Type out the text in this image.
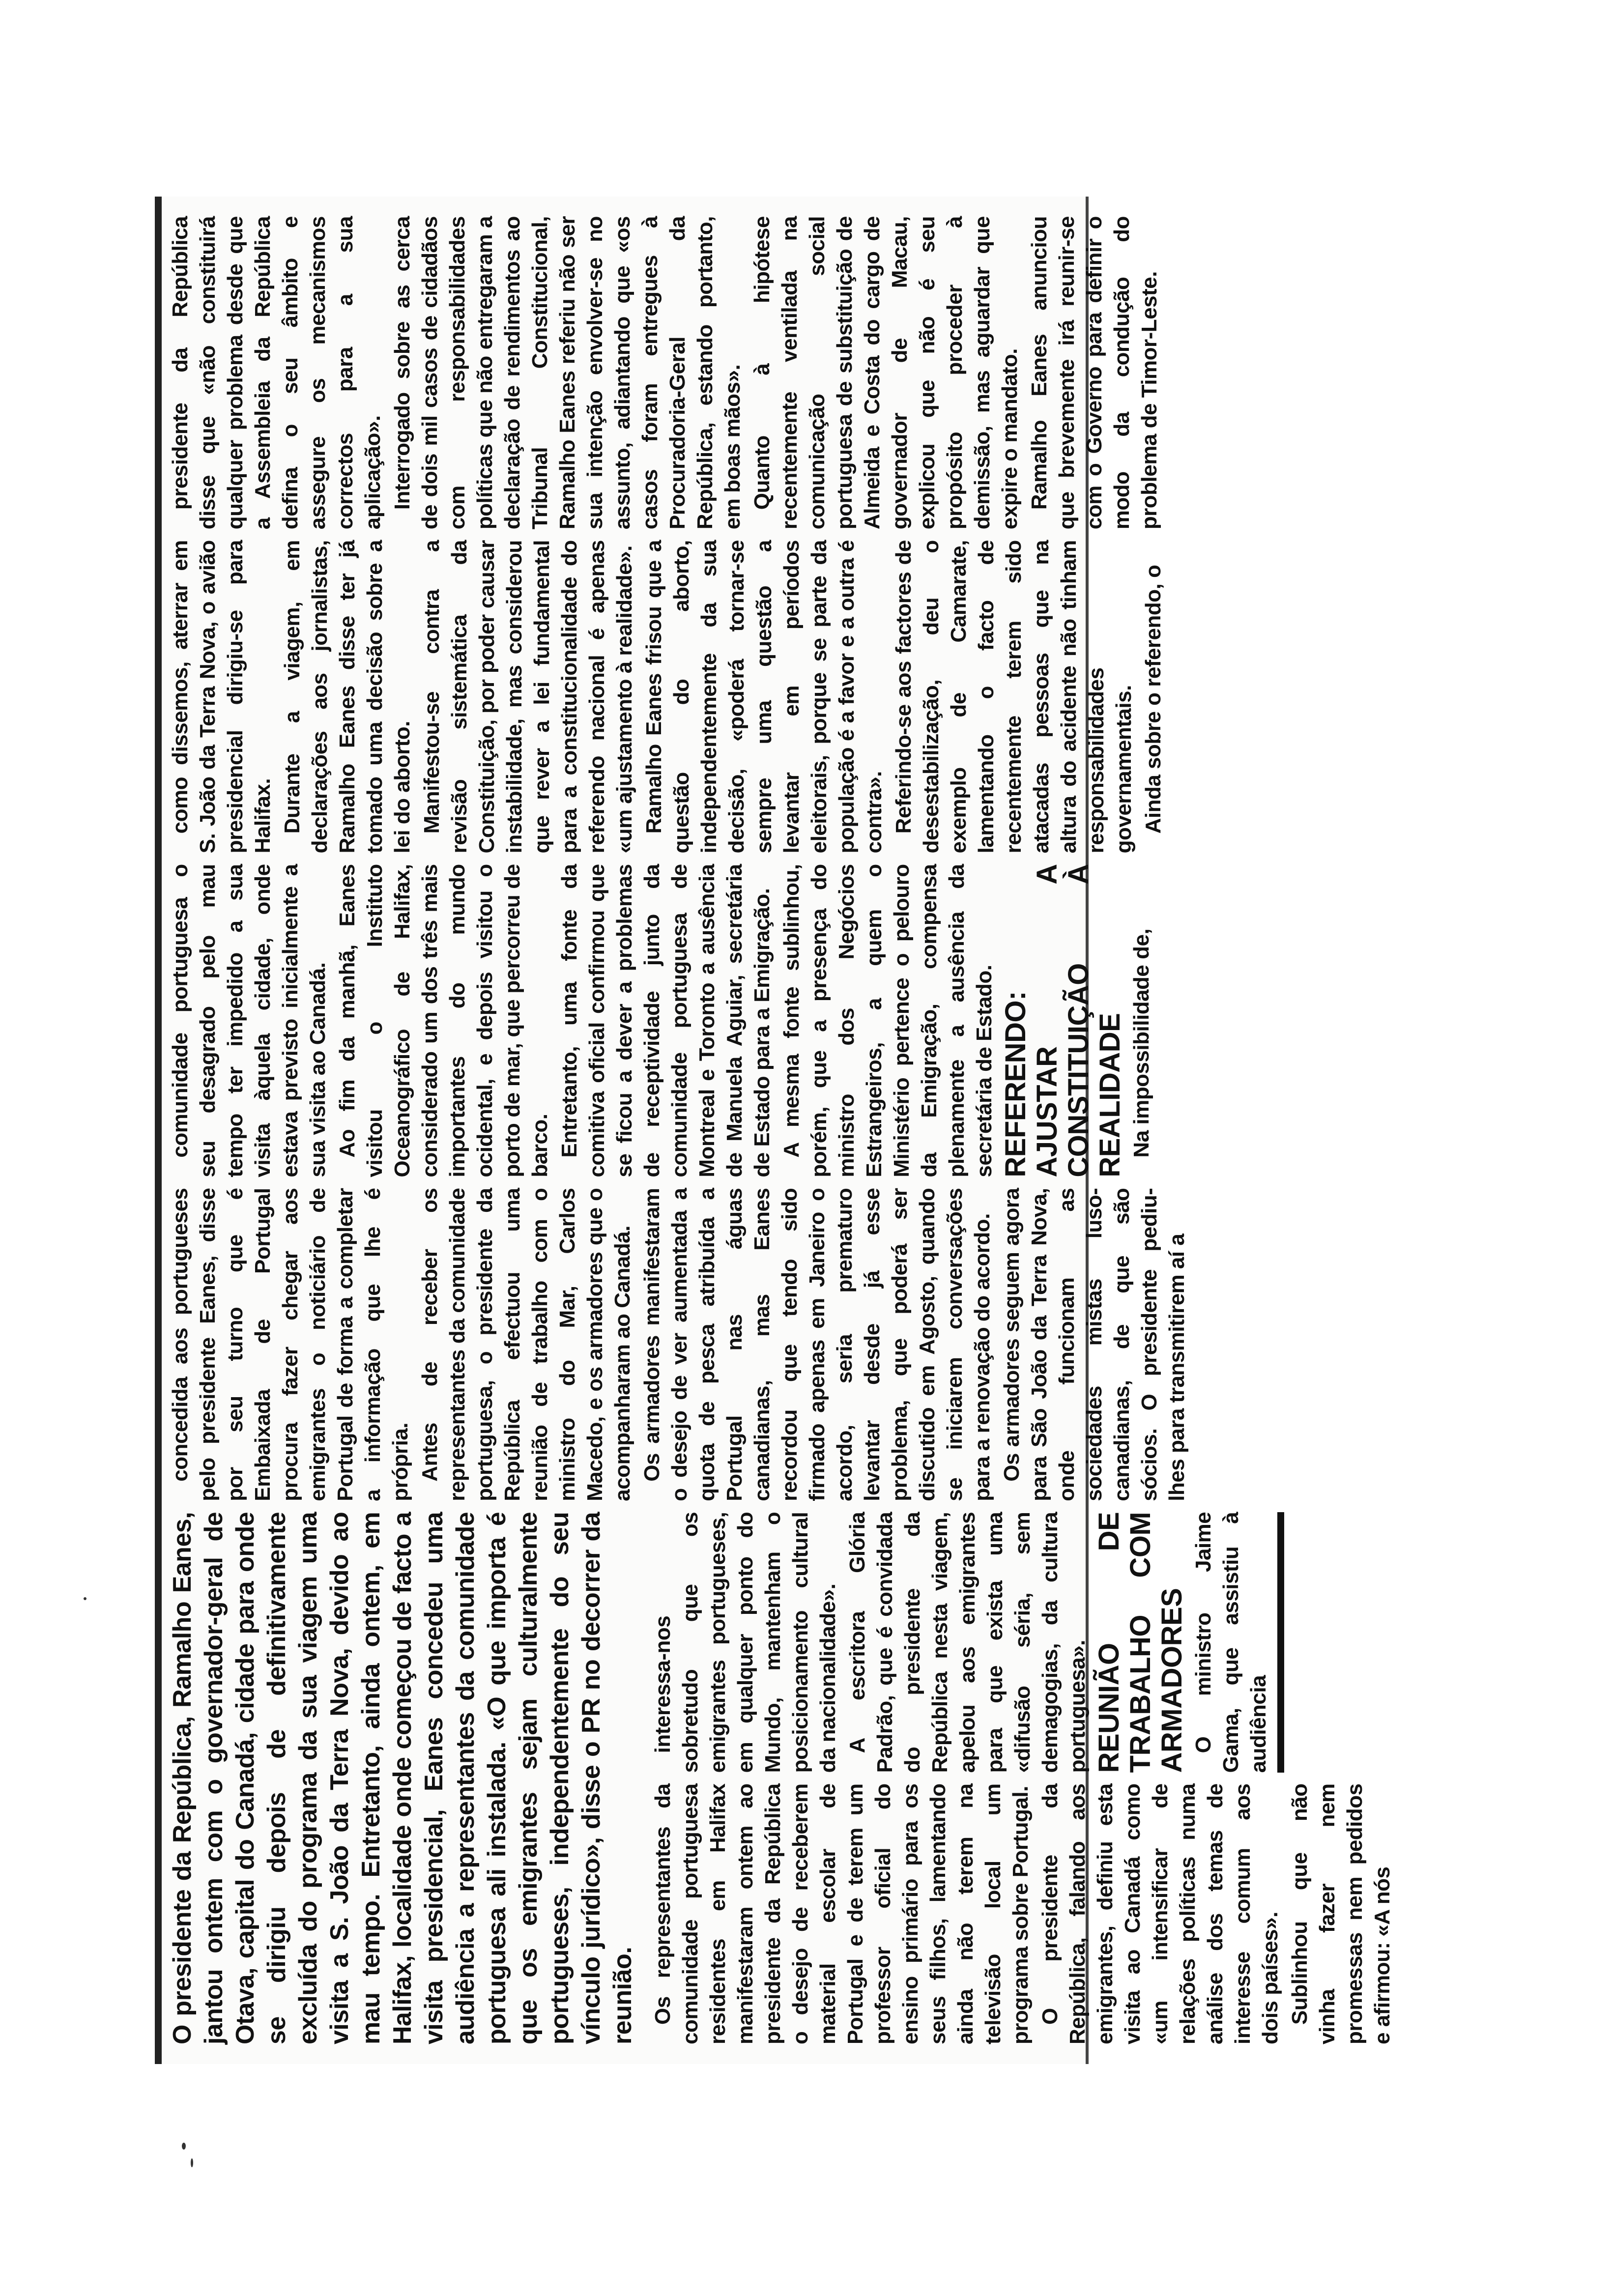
O presidente da República, Ramalho Eanes, jantou ontem com o governador-geral de Otava, capital do Canadá, cidade para onde se dirigiu depois de definitivamente excluída do programa da sua viagem uma visita a S. João da Terra Nova, devido ao mau tempo. Entretanto, ainda ontem, em Halifax, localidade onde começou de facto a visita presidencial, Eanes concedeu uma audiência a representantes da comunidade portuguesa ali instalada. «O que importa é que os emigrantes sejam culturalmente portugueses, independentemente do seu vínculo jurídico», disse o PR no decorrer da reunião. Os representantes da comunidade portuguesa residentes em Halifax manifestaram ontem ao presidente da República o desejo de receberem material escolar de Portugal e de terem um professor oficial do ensino primário para os seus filhos, lamentando ainda não terem na televisão local um programa sobre Portugal. O presidente da República, falando aos emigrantes, definiu esta visita ao Canadá como «um intensificar de relações políticas numa análise dos temas de interesse comum aos dois países». Sublinhou que não vinha fazer nem promessas nem pedidos e afirmou: «A nós

interessa-nos sobretudo que os emigrantes portugueses, em qualquer ponto do Mundo, mantenham o posicionamento cultural da nacionalidade». A escritora Glória Padrão, que é convidada do presidente da República nesta viagem, apelou aos emigrantes para que exista uma «difusão séria, sem demagogias, da cultura portuguesa». REUNIÃO DE TRABALHO COM ARMADORES O ministro Jaime Gama, que assistiu à audiência

concedida aos portugueses pelo presidente Eanes, disse por seu turno que é Embaixada de Portugal procura fazer chegar aos emigrantes o noticiário de Portugal de forma a completar a informação que lhe é própria. Antes de receber os representantes da comunidade portuguesa, o presidente da República efectuou uma reunião de trabalho com o ministro do Mar, Carlos Macedo, e os armadores que o acompanharam ao Canadá. Os armadores manifestaram o desejo de ver aumentada a quota de pesca atribuída a Portugal nas águas canadianas, mas Eanes recordou que tendo sido firmado apenas em Janeiro o acordo, seria prematuro levantar desde já esse problema, que poderá ser discutido em Agosto, quando se iniciarem conversações para a renovação do acordo. Os armadores seguem agora para São João da Terra Nova, onde funcionam as sociedades mistas luso-canadianas, de que são sócios. O presidente pediu-lhes para transmitirem aí a

comunidade portuguesa o seu desagrado pelo mau tempo ter impedido a sua visita àquela cidade, onde estava previsto inicialmente a sua visita ao Canadá. Ao fim da manhã, Eanes visitou o Instituto Oceanográfico de Halifax, considerado um dos três mais importantes do mundo ocidental, e depois visitou o porto de mar, que percorreu de barco. Entretanto, uma fonte da comitiva oficial confirmou que se ficou a dever a problemas de receptividade junto da comunidade portuguesa de Montreal e Toronto a ausência de Manuela Aguiar, secretária de Estado para a Emigração. A mesma fonte sublinhou, porém, que a presença do ministro dos Negócios Estrangeiros, a quem o Ministério pertence o pelouro da Emigração, compensa plenamente a ausência da secretária de Estado. REFERENDO: AJUSTAR A CONSTITUIÇÃO À REALIDADE Na impossibilidade de,

como dissemos, aterrar em S. João da Terra Nova, o avião presidencial dirigiu-se para Halifax. Durante a viagem, em declarações aos jornalistas, Ramalho Eanes disse ter já tomado uma decisão sobre a lei do aborto. Manifestou-se contra a revisão sistemática da Constituição, por poder causar instabilidade, mas considerou que rever a lei fundamental para a constitucionalidade do referendo nacional é apenas «um ajustamento à realidade». Ramalho Eanes frisou que a questão do aborto, independentemente da sua decisão, «poderá tornar-se sempre uma questão a levantar em períodos eleitorais, porque se parte da população é a favor e a outra é contra». Referindo-se aos factores de desestabilização, deu o exemplo de Camarate, lamentando o facto de recentemente terem sido atacadas pessoas que na altura do acidente não tinham responsabilidades governamentais. Ainda sobre o referendo, o

presidente da República disse que «não constituirá qualquer problema desde que a Assembleia da República defina o seu âmbito e assegure os mecanismos correctos para a sua aplicação». Interrogado sobre as cerca de dois mil casos de cidadãos com responsabilidades políticas que não entregaram a declaração de rendimentos ao Tribunal Constitucional, Ramalho Eanes referiu não ser sua intenção envolver-se no assunto, adiantando que «os casos foram entregues à Procuradoria-Geral da República, estando portanto, em boas mãos». Quanto à hipótese recentemente ventilada na comunicação social portuguesa de substituição de Almeida e Costa do cargo de governador de Macau, explicou que não é seu propósito proceder à demissão, mas aguardar que expire o mandato. Ramalho Eanes anunciou que brevemente irá reunir-se com o Governo para definir o modo da condução do problema de Timor-Leste.
